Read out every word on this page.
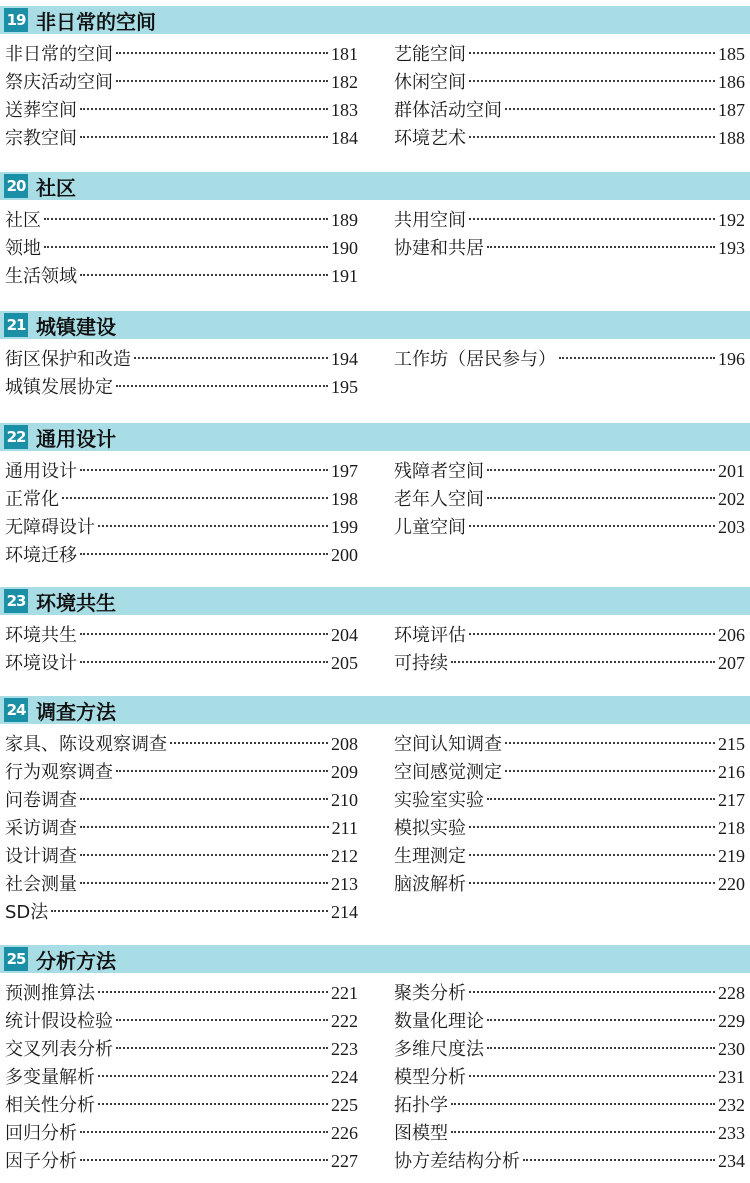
19 非日常的空间
非日常的空间	181
祭庆活动空间	182
送葬空间	183
宗教空间	184
艺能空间	185
休闲空间	186
群体活动空间	187
环境艺术	188
20 社区
社区	189
领地	190
生活领域	191
共用空间	192
协建和共居	193
21 城镇建设
街区保护和改造	194
城镇发展协定	195
工作坊（居民参与）	196
22 通用设计
通用设计	197
正常化	198
无障碍设计	199
环境迁移	200
残障者空间	201
老年人空间	202
儿童空间	203
23 环境共生
环境共生	204
环境设计	205
环境评估	206
可持续	207
24 调查方法
家具、陈设观察调查	208
行为观察调查	209
问卷调查	210
采访调查	211
设计调查	212
社会测量	213
SD法	214
空间认知调查	215
空间感觉测定	216
实验室实验	217
模拟实验	218
生理测定	219
脑波解析	220
25 分析方法
预测推算法	221
统计假设检验	222
交叉列表分析	223
多变量解析	224
相关性分析	225
回归分析	226
因子分析	227
聚类分析	228
数量化理论	229
多维尺度法	230
模型分析	231
拓扑学	232
图模型	233
协方差结构分析	234
